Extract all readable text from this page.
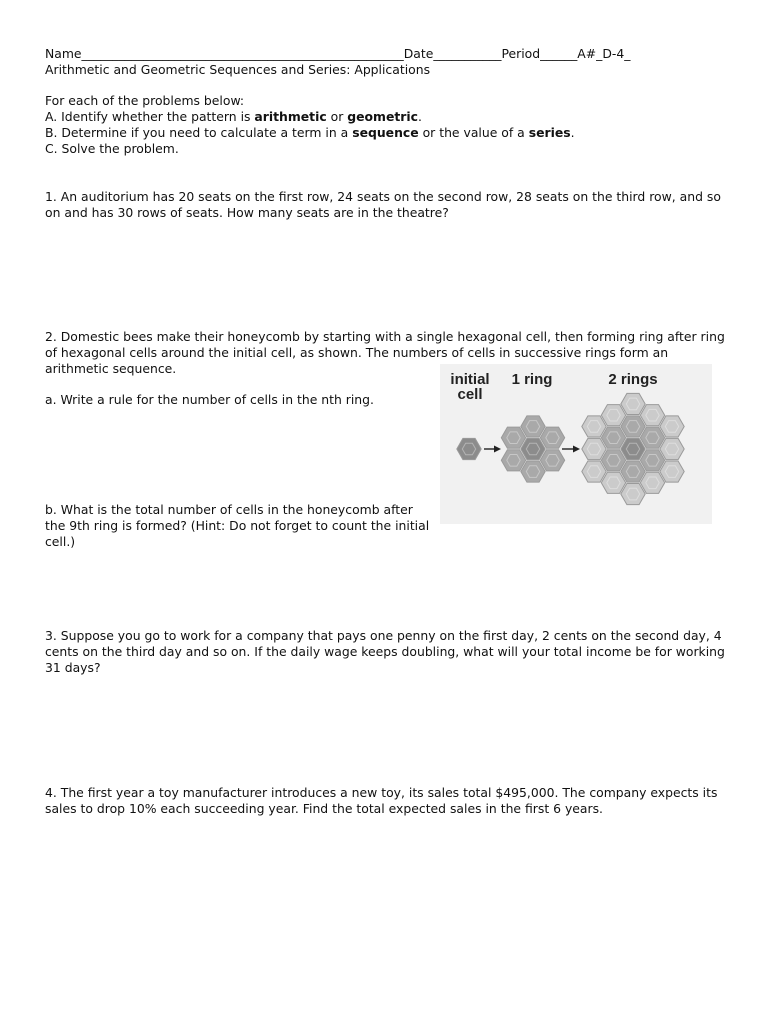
Name____________________________________________________Date___________Period______A#_D-4_
Arithmetic and Geometric Sequences and Series: Applications
For each of the problems below:
A. Identify whether the pattern is arithmetic or geometric.
B. Determine if you need to calculate a term in a sequence or the value of a series.
C. Solve the problem.
1. An auditorium has 20 seats on the first row, 24 seats on the second row, 28 seats on the third row, and so on and has 30 rows of seats. How many seats are in the theatre?
2. Domestic bees make their honeycomb by starting with a single hexagonal cell, then forming ring after ring of hexagonal cells around the initial cell, as shown. The numbers of cells in successive rings form an arithmetic sequence.
a. Write a rule for the number of cells in the nth ring.
b. What is the total number of cells in the honeycomb after the 9th ring is formed? (Hint: Do not forget to count the initial cell.)
initial
cell
1 ring	2 rings
3. Suppose you go to work for a company that pays one penny on the first day, 2 cents on the second day, 4 cents on the third day and so on. If the daily wage keeps doubling, what will your total income be for working 31 days?
4. The first year a toy manufacturer introduces a new toy, its sales total $495,000. The company expects its sales to drop 10% each succeeding year. Find the total expected sales in the first 6 years.
